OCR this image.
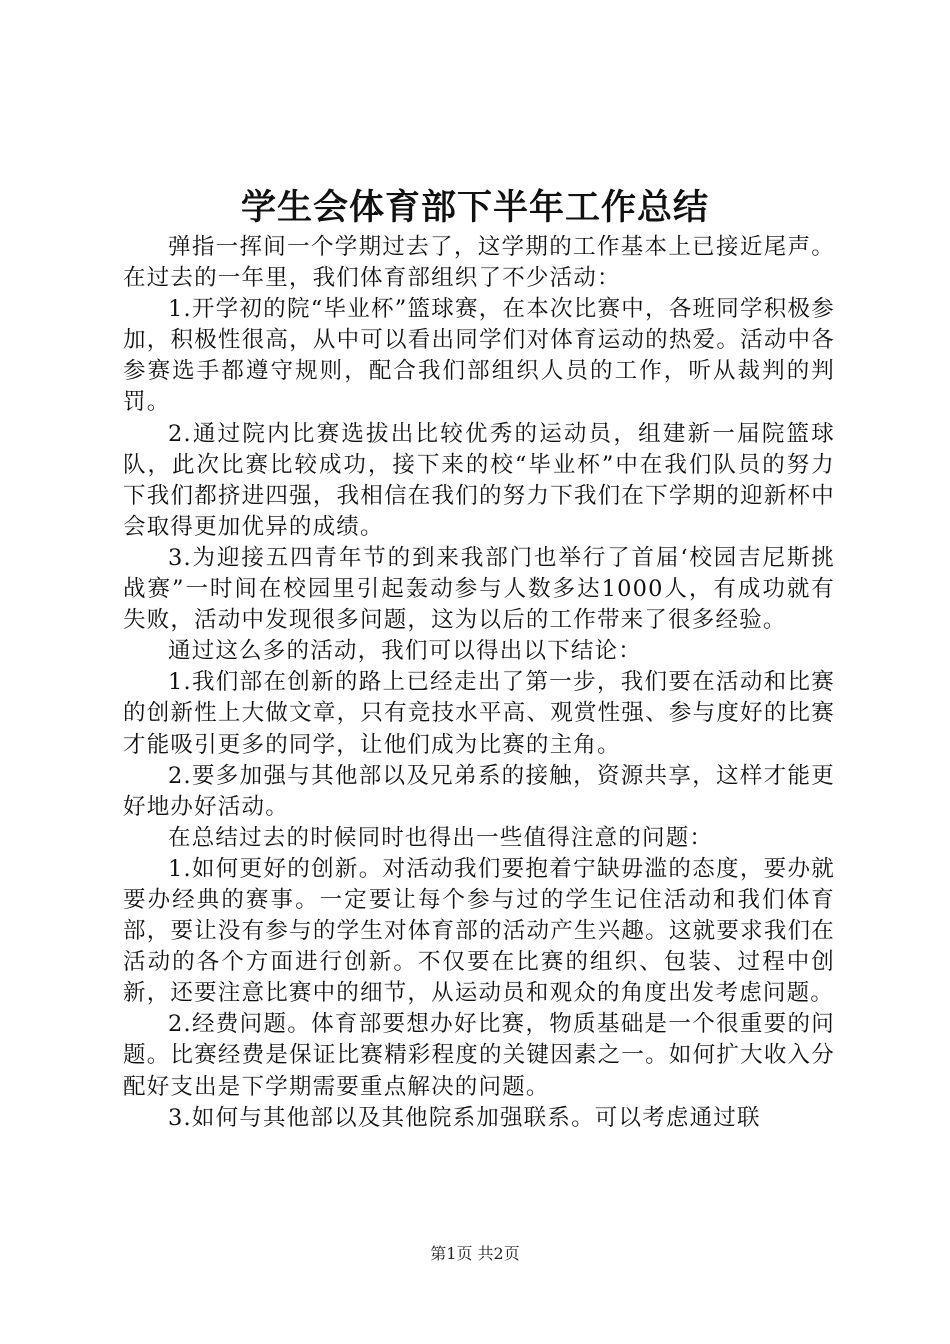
学生会体育部下半年工作总结

弹指一挥间一个学期过去了，这学期的工作基本上已接近尾声。在过去的一年里，我们体育部组织了不少活动：

1.开学初的院“毕业杯”篮球赛，在本次比赛中，各班同学积极参加，积极性很高，从中可以看出同学们对体育运动的热爱。活动中各参赛选手都遵守规则，配合我们部组织人员的工作，听从裁判的判罚。

2.通过院内比赛选拔出比较优秀的运动员，组建新一届院篮球队，此次比赛比较成功，接下来的校“毕业杯”中在我们队员的努力下我们都挤进四强，我相信在我们的努力下我们在下学期的迎新杯中会取得更加优异的成绩。

3.为迎接五四青年节的到来我部门也举行了首届‘校园吉尼斯挑战赛”一时间在校园里引起轰动参与人数多达1000人，有成功就有失败，活动中发现很多问题，这为以后的工作带来了很多经验。

通过这么多的活动，我们可以得出以下结论：

1.我们部在创新的路上已经走出了第一步，我们要在活动和比赛的创新性上大做文章，只有竞技水平高、观赏性强、参与度好的比赛才能吸引更多的同学，让他们成为比赛的主角。

2.要多加强与其他部以及兄弟系的接触，资源共享，这样才能更好地办好活动。

在总结过去的时候同时也得出一些值得注意的问题：

1.如何更好的创新。对活动我们要抱着宁缺毋滥的态度，要办就要办经典的赛事。一定要让每个参与过的学生记住活动和我们体育部，要让没有参与的学生对体育部的活动产生兴趣。这就要求我们在活动的各个方面进行创新。不仅要在比赛的组织、包装、过程中创新，还要注意比赛中的细节，从运动员和观众的角度出发考虑问题。

2.经费问题。体育部要想办好比赛，物质基础是一个很重要的问题。比赛经费是保证比赛精彩程度的关键因素之一。如何扩大收入分配好支出是下学期需要重点解决的问题。

3.如何与其他部以及其他院系加强联系。可以考虑通过联

第1页 共2页
